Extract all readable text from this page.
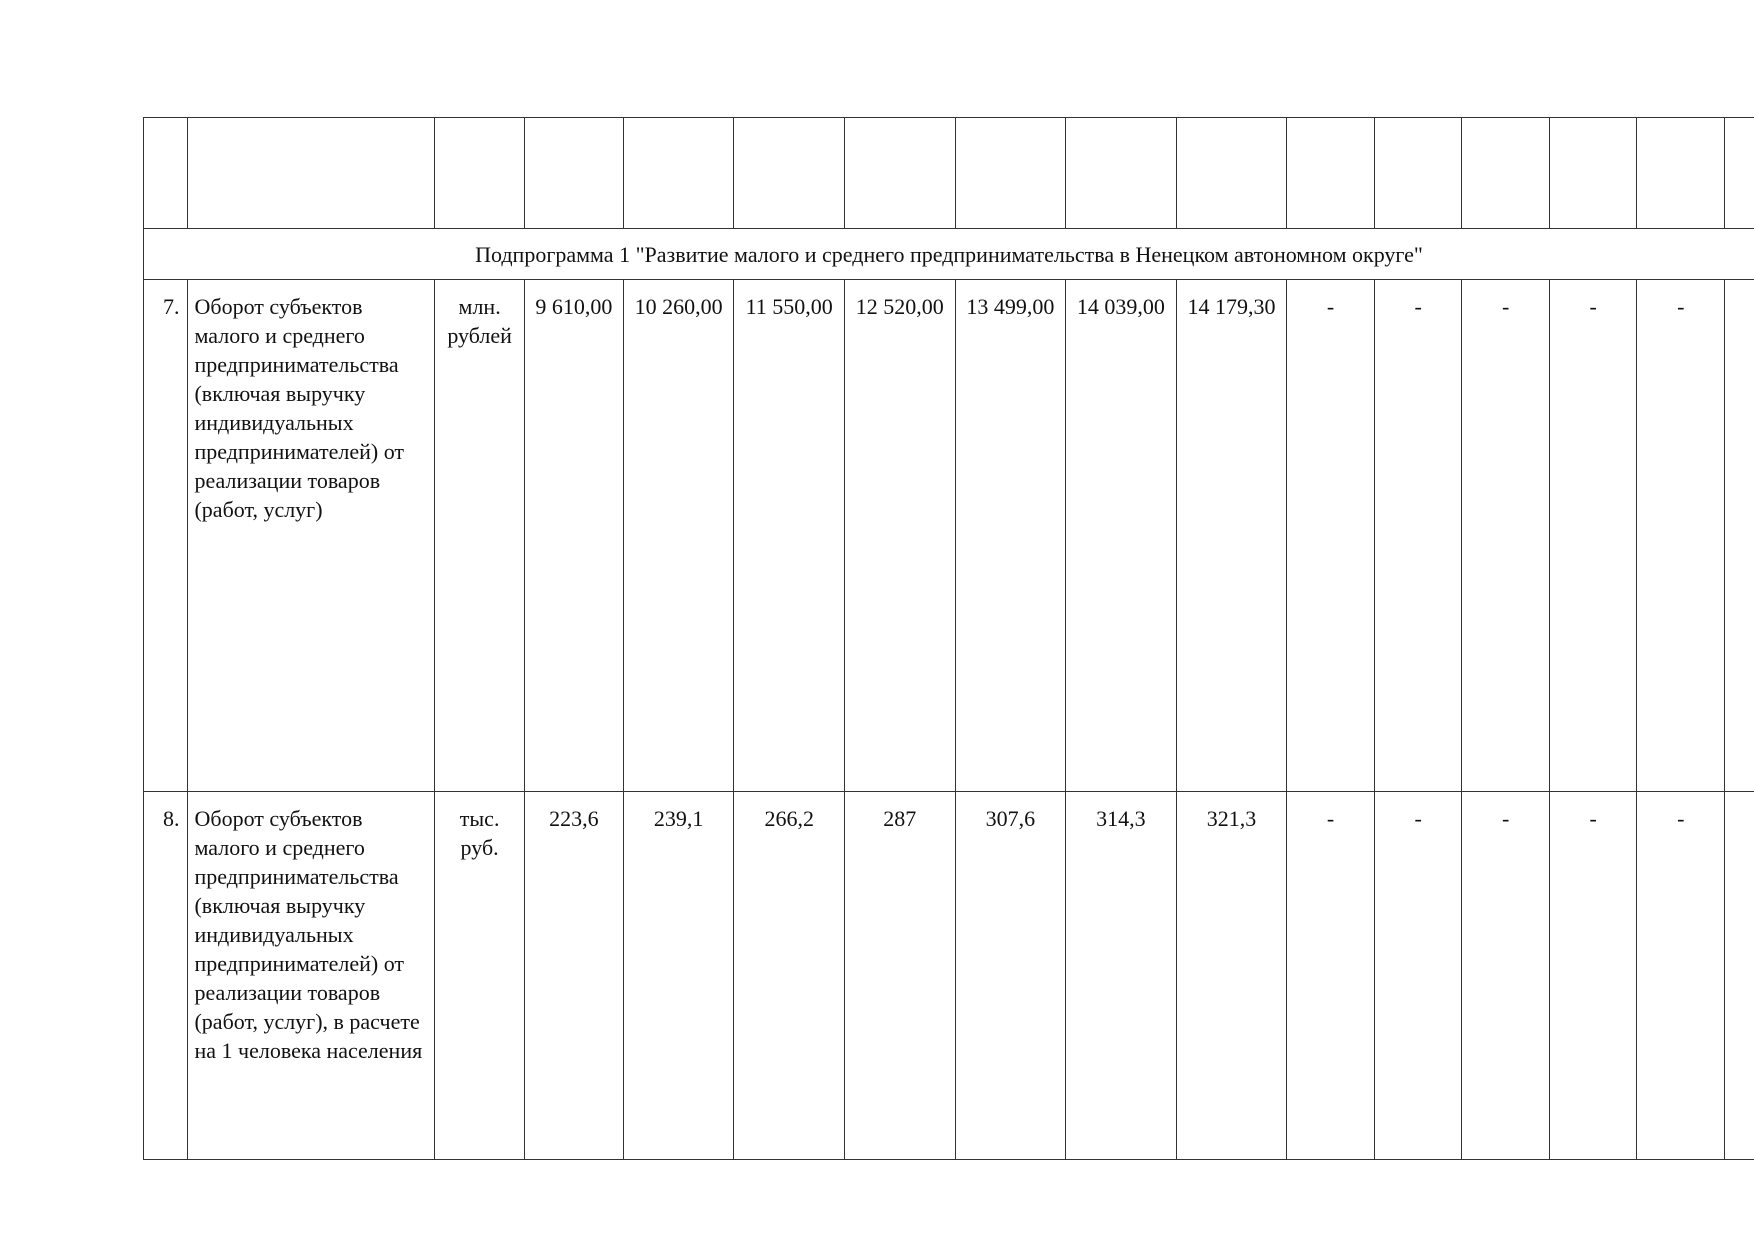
Подпрограмма 1 "Развитие малого и среднего предпринимательства в Ненецком автономном округе"															
7.	Оборот субъектов малого и среднего предпринимательства (включая выручку индивидуальных предпринимателей) от реализации товаров (работ, услуг)	млн. рублей	9 610,00	10 260,00	11 550,00	12 520,00	13 499,00	14 039,00	14 179,30	-	-	-	-	-	
8.	Оборот субъектов малого и среднего предпринимательства (включая выручку индивидуальных предпринимателей) от реализации товаров (работ, услуг), в расчете на 1 человека населения	тыс. руб.	223,6	239,1	266,2	287	307,6	314,3	321,3	-	-	-	-	-	
